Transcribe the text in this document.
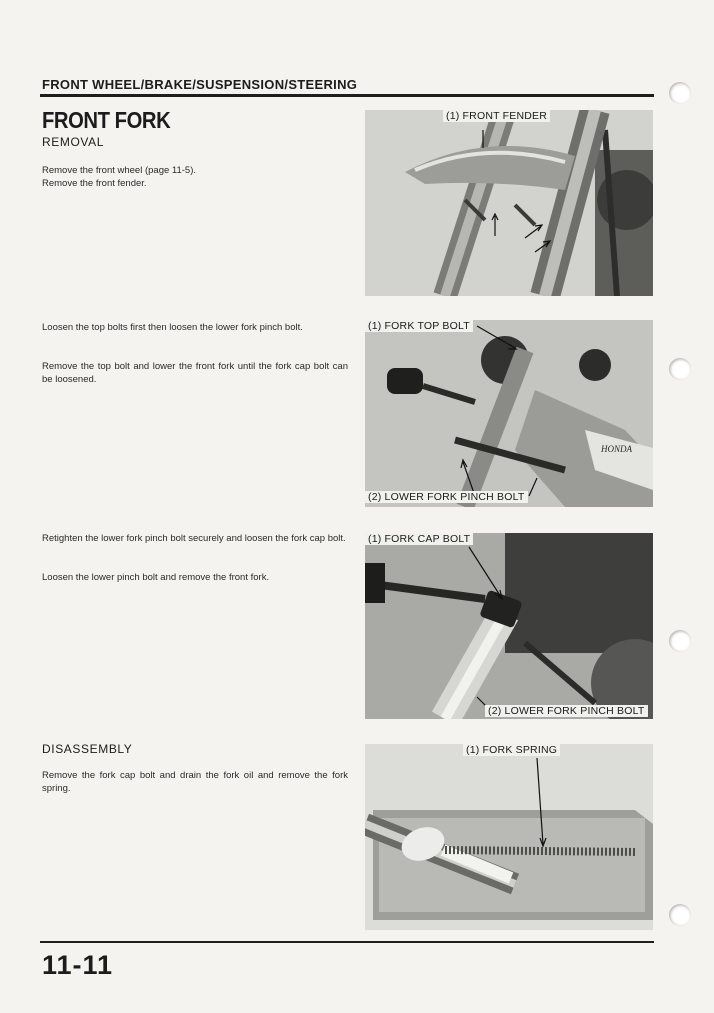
FRONT WHEEL/BRAKE/SUSPENSION/STEERING
FRONT FORK
REMOVAL
Remove the front wheel (page 11-5).
Remove the front fender.
Loosen the top bolts first then loosen the lower fork pinch bolt.
Remove the top bolt and lower the front fork until the fork cap bolt can be loosened.
Retighten the lower fork pinch bolt securely and loosen the fork cap bolt.
Loosen the lower pinch bolt and remove the front fork.
DISASSEMBLY
Remove the fork cap bolt and drain the fork oil and remove the fork spring.
(1) FRONT FENDER
HONDA
(1) FORK TOP BOLT
(2) LOWER FORK PINCH BOLT
(1) FORK CAP BOLT
(2) LOWER FORK PINCH BOLT
(1) FORK SPRING
11-11
